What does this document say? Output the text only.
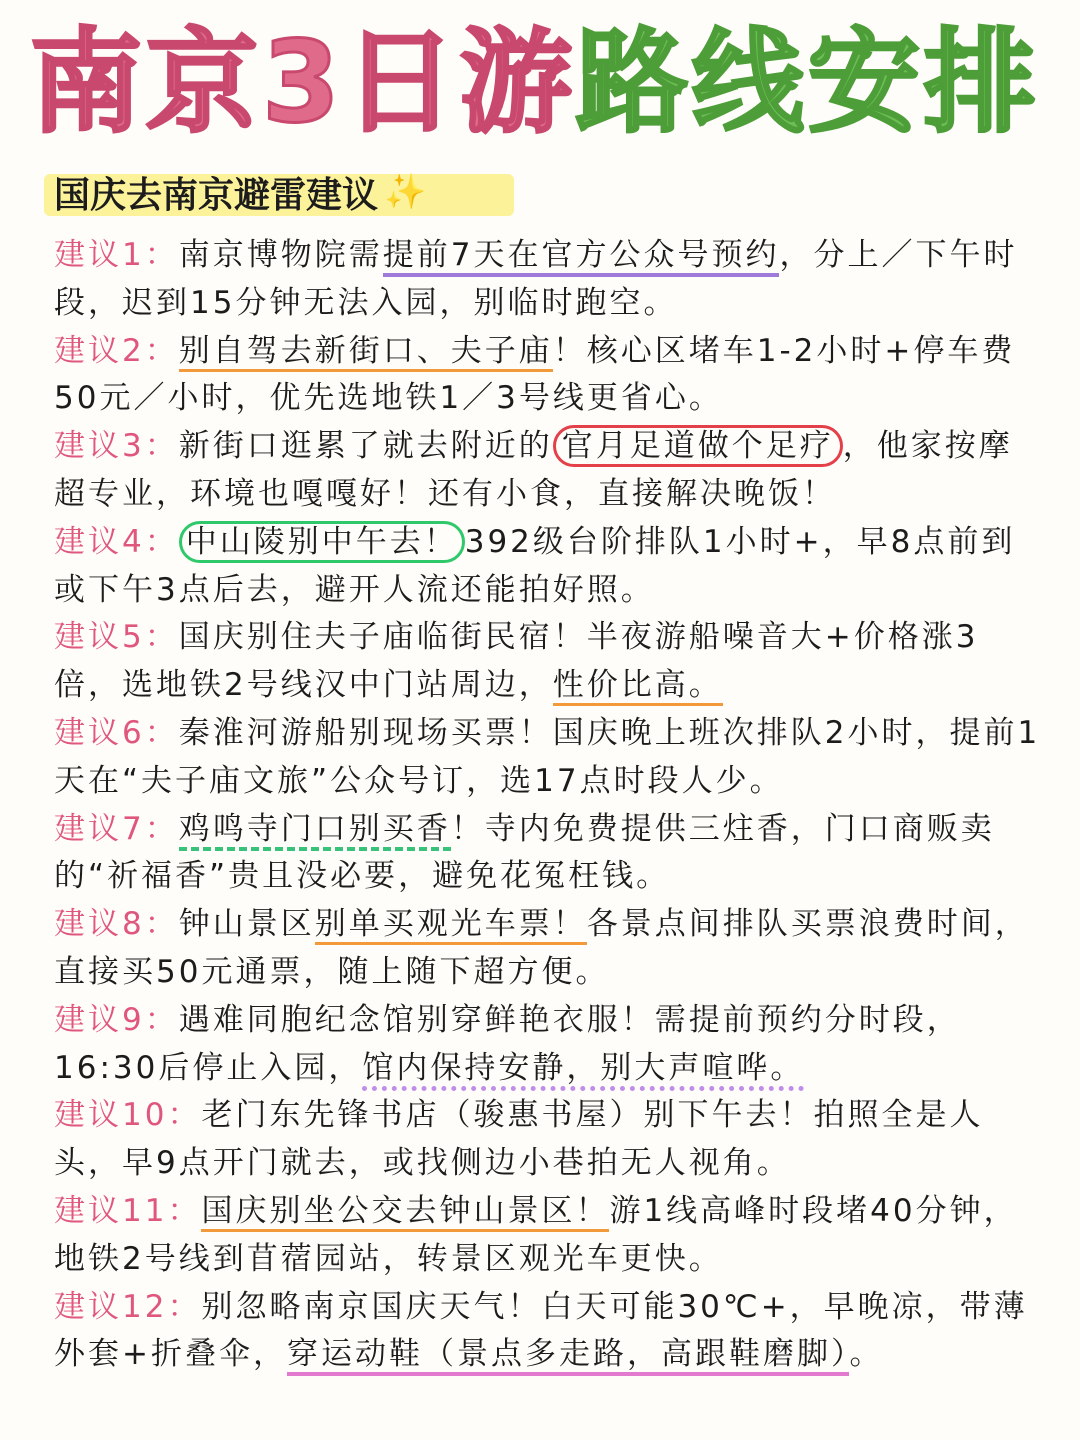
南京3日游路线安排
国庆去南京避雷建议 ✨

建议1：南京博物院需提前7天在官方公众号预约，分上／下午时段，迟到15分钟无法入园，别临时跑空。

建议2：别自驾去新街口、夫子庙！核心区堵车1-2小时+停车费50元／小时，优先选地铁1／3号线更省心。

建议3：新街口逛累了就去附近的 官月足道做个足疗 ，他家按摩超专业，环境也嘎嘎好！还有小食，直接解决晚饭！

建议4： 中山陵别中午去！ 392级台阶排队1小时+，早8点前到或下午3点后去，避开人流还能拍好照。

建议5：国庆别住夫子庙临街民宿！半夜游船噪音大+价格涨3倍，选地铁2号线汉中门站周边，性价比高。

建议6：秦淮河游船别现场买票！国庆晚上班次排队2小时，提前1天在“夫子庙文旅”公众号订，选17点时段人少。

建议7：鸡鸣寺门口别买香！寺内免费提供三炷香，门口商贩卖的“祈福香”贵且没必要，避免花冤枉钱。

建议8：钟山景区别单买观光车票！各景点间排队买票浪费时间，直接买50元通票，随上随下超方便。

建议9：遇难同胞纪念馆别穿鲜艳衣服！需提前预约分时段，16:30后停止入园，馆内保持安静，别大声喧哗。

建议10：老门东先锋书店（骏惠书屋）别下午去！拍照全是人头，早9点开门就去，或找侧边小巷拍无人视角。

建议11：国庆别坐公交去钟山景区！游1线高峰时段堵40分钟，地铁2号线到苜蓿园站，转景区观光车更快。

建议12：别忽略南京国庆天气！白天可能30℃+，早晚凉，带薄外套+折叠伞，穿运动鞋（景点多走路，高跟鞋磨脚）。
